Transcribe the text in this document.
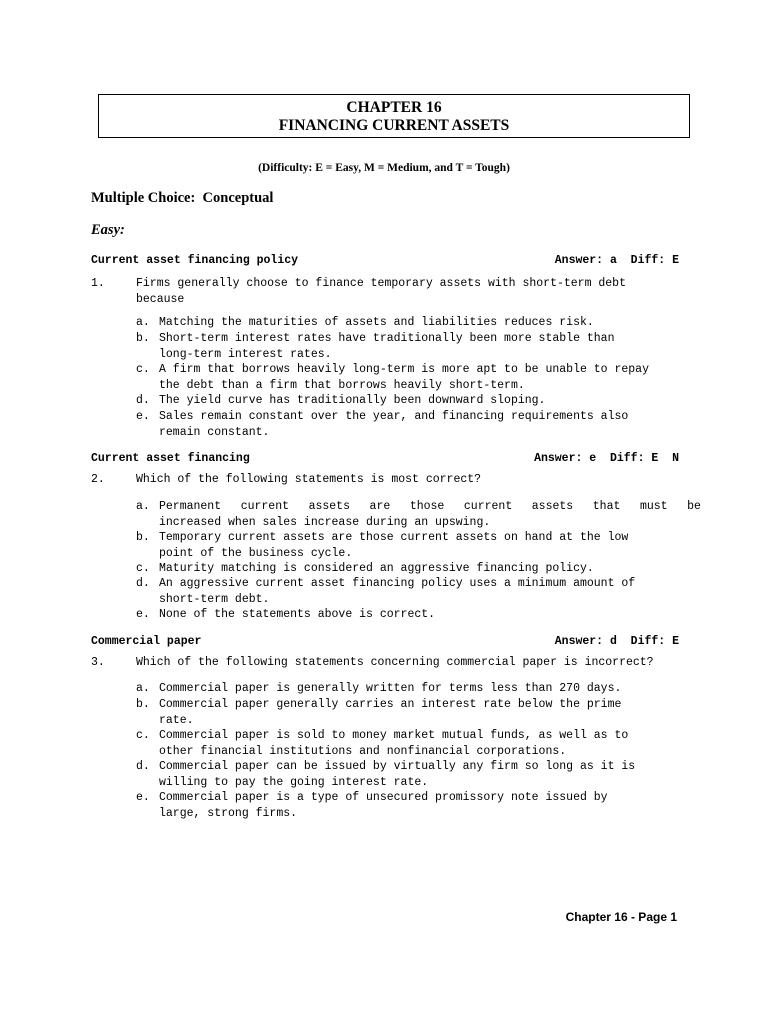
CHAPTER 16
FINANCING CURRENT ASSETS
(Difficulty: E = Easy, M = Medium, and T = Tough)
Multiple Choice:  Conceptual
Easy:
Current asset financing policy	Answer: a  Diff: E
1.	Firms generally choose to finance temporary assets with short-term debt
because
a. Matching the maturities of assets and liabilities reduces risk.
b. Short-term interest rates have traditionally been more stable than
long-term interest rates.
c. A firm that borrows heavily long-term is more apt to be unable to repay
the debt than a firm that borrows heavily short-term.
d. The yield curve has traditionally been downward sloping.
e. Sales remain constant over the year, and financing requirements also
remain constant.
Current asset financing	Answer: e  Diff: E  N
2.	Which of the following statements is most correct?
a. Permanent current assets are those current assets that must be
increased when sales increase during an upswing.
b. Temporary current assets are those current assets on hand at the low
point of the business cycle.
c. Maturity matching is considered an aggressive financing policy.
d. An aggressive current asset financing policy uses a minimum amount of
short-term debt.
e. None of the statements above is correct.
Commercial paper	Answer: d  Diff: E
3.	Which of the following statements concerning commercial paper is incorrect?
a. Commercial paper is generally written for terms less than 270 days.
b. Commercial paper generally carries an interest rate below the prime
rate.
c. Commercial paper is sold to money market mutual funds, as well as to
other financial institutions and nonfinancial corporations.
d. Commercial paper can be issued by virtually any firm so long as it is
willing to pay the going interest rate.
e. Commercial paper is a type of unsecured promissory note issued by
large, strong firms.
Chapter 16 - Page 1
